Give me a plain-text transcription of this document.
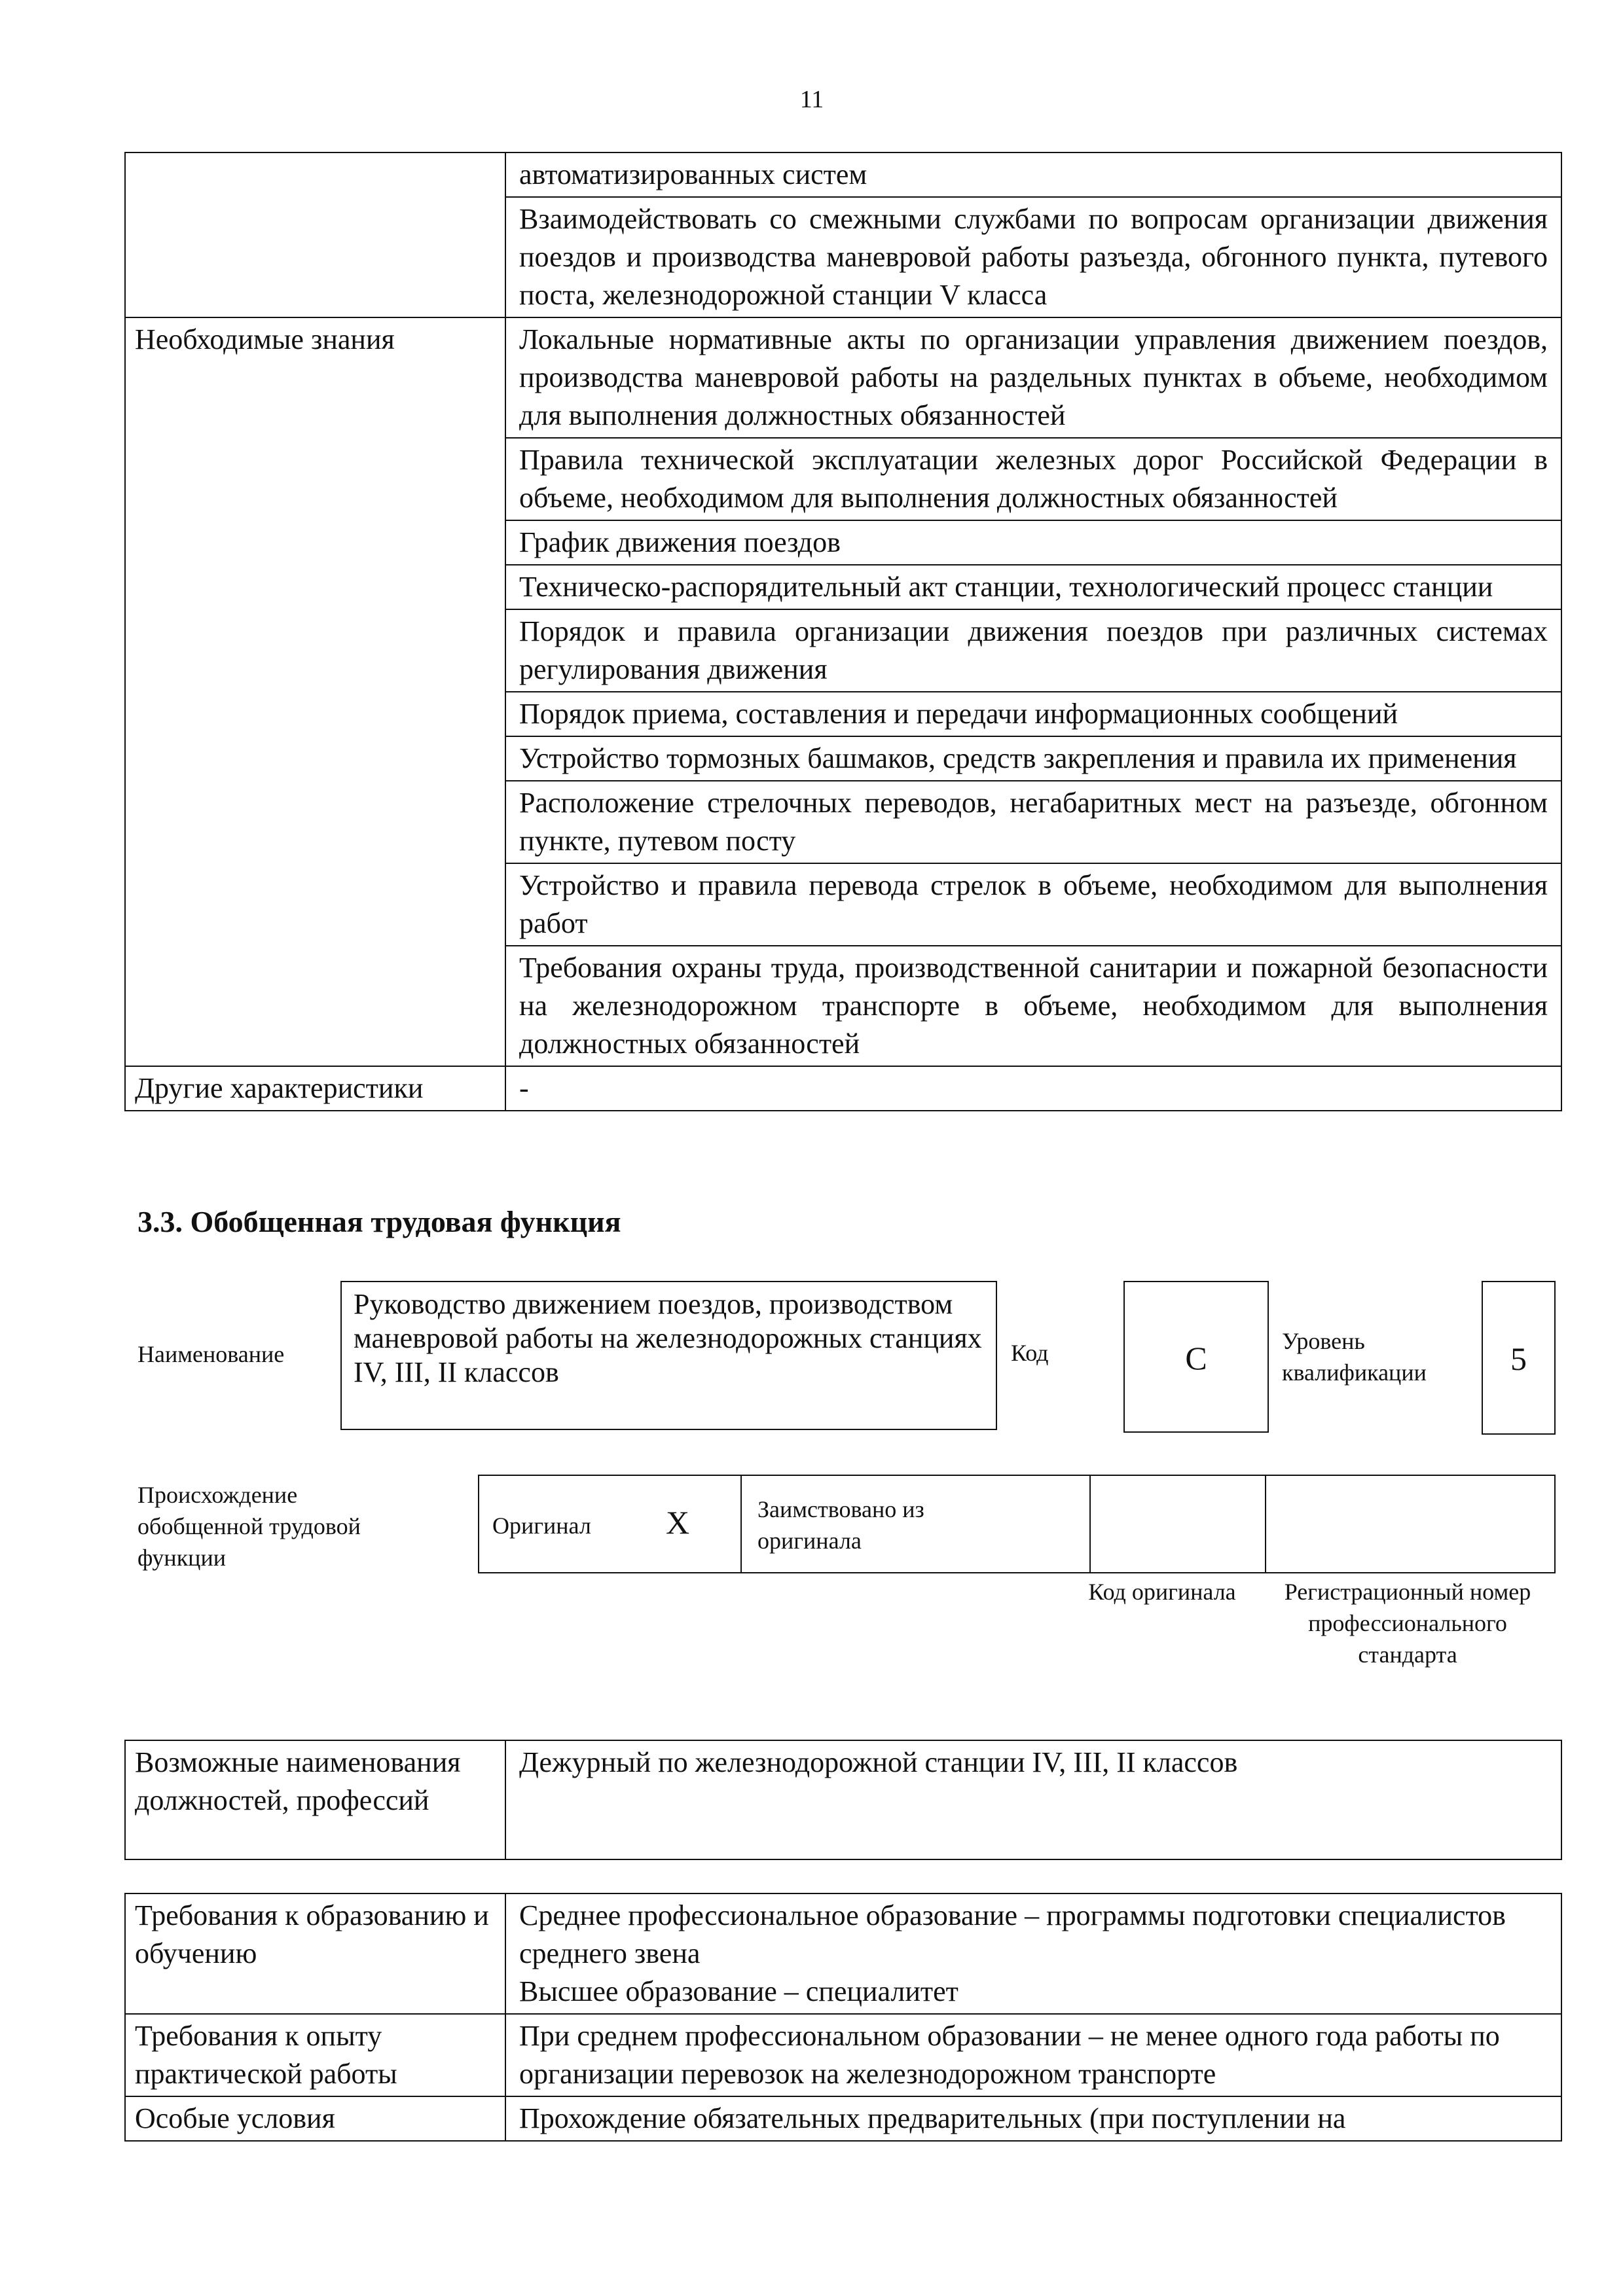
11
	автоматизированных систем
	Взаимодействовать со смежными службами по вопросам организации движения поездов и производства маневровой работы разъезда, обгонного пункта, путевого поста, железнодорожной станции V класса
Необходимые знания	Локальные нормативные акты по организации управления движением поездов, производства маневровой работы на раздельных пунктах в объеме, необходимом для выполнения должностных обязанностей
	Правила технической эксплуатации железных дорог Российской Федерации в объеме, необходимом для выполнения должностных обязанностей
	График движения поездов
	Техническо-распорядительный акт станции, технологический процесс станции
	Порядок и правила организации движения поездов при различных системах регулирования движения
	Порядок приема, составления и передачи информационных сообщений
	Устройство тормозных башмаков, средств закрепления и правила их применения
	Расположение стрелочных переводов, негабаритных мест на разъезде, обгонном пункте, путевом посту
	Устройство и правила перевода стрелок в объеме, необходимом для выполнения работ
	Требования охраны труда, производственной санитарии и пожарной безопасности на железнодорожном транспорте в объеме, необходимом для выполнения должностных обязанностей
Другие характеристики	-
3.3. Обобщенная трудовая функция
Наименование
Руководство движением поездов, производством маневровой работы на железнодорожных станциях IV, III, II классов
Код	C	Уровень квалификации	5
Происхождение обобщенной трудовой функции
Оригинал X	Заимствовано из оригинала
Код оригинала	Регистрационный номер профессионального стандарта
Возможные наименования должностей, профессий	Дежурный по железнодорожной станции IV, III, II классов
Требования к образованию и обучению	Среднее профессиональное образование – программы подготовки специалистов среднего звена
Высшее образование – специалитет

Требования к опыту практической работы	При среднем профессиональном образовании – не менее одного года работы по организации перевозок на железнодорожном транспорте

Особые условия	Прохождение обязательных предварительных (при поступлении на
